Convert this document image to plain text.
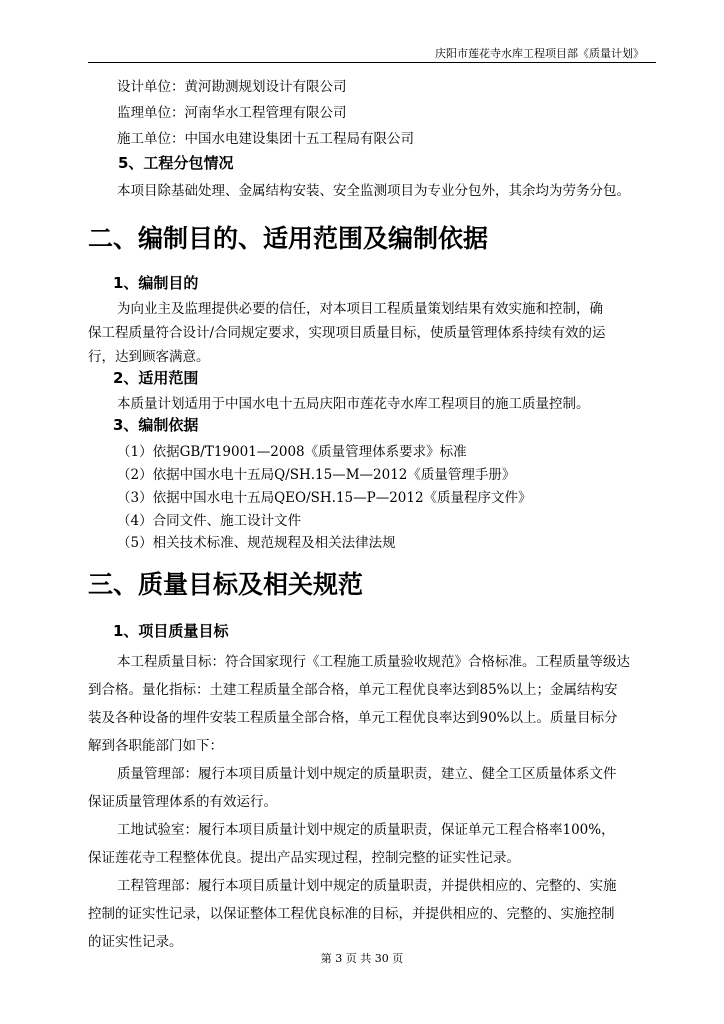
庆阳市莲花寺水库工程项目部《质量计划》
设计单位：黄河勘测规划设计有限公司
监理单位：河南华水工程管理有限公司
施工单位：中国水电建设集团十五工程局有限公司
5、工程分包情况
本项目除基础处理、金属结构安装、安全监测项目为专业分包外，其余均为劳务分包。
二、编制目的、适用范围及编制依据
1、编制目的
为向业主及监理提供必要的信任，对本项目工程质量策划结果有效实施和控制，确
保工程质量符合设计/合同规定要求，实现项目质量目标，使质量管理体系持续有效的运
行，达到顾客满意。
2、适用范围
本质量计划适用于中国水电十五局庆阳市莲花寺水库工程项目的施工质量控制。
3、编制依据
（1）依据GB/T19001—2008《质量管理体系要求》标准
（2）依据中国水电十五局Q/SH.15—M—2012《质量管理手册》
（3）依据中国水电十五局QEO/SH.15—P—2012《质量程序文件》
（4）合同文件、施工设计文件
（5）相关技术标准、规范规程及相关法律法规
三、质量目标及相关规范
1、项目质量目标
本工程质量目标：符合国家现行《工程施工质量验收规范》合格标准。工程质量等级达
到合格。量化指标：土建工程质量全部合格，单元工程优良率达到85%以上；金属结构安
装及各种设备的埋件安装工程质量全部合格，单元工程优良率达到90%以上。质量目标分
解到各职能部门如下：
质量管理部：履行本项目质量计划中规定的质量职责，建立、健全工区质量体系文件
保证质量管理体系的有效运行。
工地试验室：履行本项目质量计划中规定的质量职责，保证单元工程合格率100%，
保证莲花寺工程整体优良。提出产品实现过程，控制完整的证实性记录。
工程管理部：履行本项目质量计划中规定的质量职责，并提供相应的、完整的、实施
控制的证实性记录，以保证整体工程优良标准的目标，并提供相应的、完整的、实施控制
的证实性记录。
第 3 页 共 30 页
